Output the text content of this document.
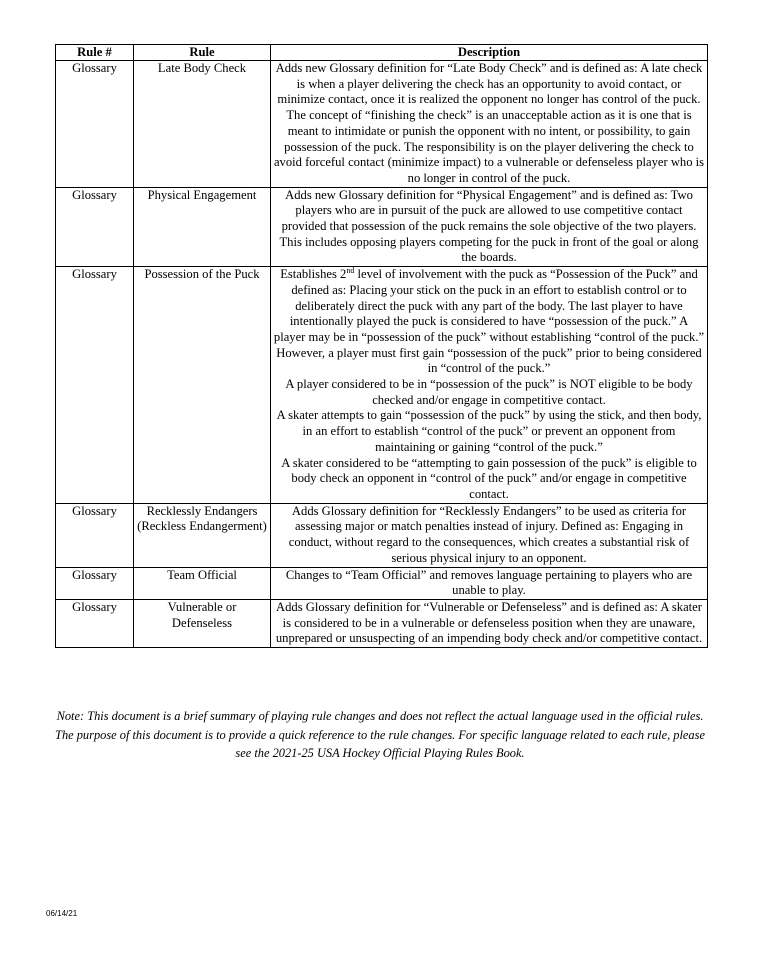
Rule #	Rule	Description
Glossary	Late Body Check	Adds new Glossary definition for “Late Body Check” and is defined as: A late check is when a player delivering the check has an opportunity to avoid contact, or minimize contact, once it is realized the opponent no longer has control of the puck.

The concept of “finishing the check” is an unacceptable action as it is one that is meant to intimidate or punish the opponent with no intent, or possibility, to gain possession of the puck. The responsibility is on the player delivering the check to avoid forceful contact (minimize impact) to a vulnerable or defenseless player who is no longer in control of the puck.

Glossary	Physical Engagement	Adds new Glossary definition for “Physical Engagement” and is defined as: Two players who are in pursuit of the puck are allowed to use competitive contact provided that possession of the puck remains the sole objective of the two players. This includes opposing players competing for the puck in front of the goal or along the boards.

Glossary	Possession of the Puck	Establishes 2nd level of involvement with the puck as “Possession of the Puck” and defined as: Placing your stick on the puck in an effort to establish control or to deliberately direct the puck with any part of the body. The last player to have intentionally played the puck is considered to have “possession of the puck.” A player may be in “possession of the puck” without establishing “control of the puck.” However, a player must first gain “possession of the puck” prior to being considered in “control of the puck.”

A player considered to be in “possession of the puck” is NOT eligible to be body checked and/or engage in competitive contact.

A skater attempts to gain “possession of the puck” by using the stick, and then body, in an effort to establish “control of the puck” or prevent an opponent from maintaining or gaining “control of the puck.”

A skater considered to be “attempting to gain possession of the puck” is eligible to body check an opponent in “control of the puck” and/or engage in competitive contact.

Glossary	Recklessly Endangers (Reckless Endangerment)	Adds Glossary definition for “Recklessly Endangers” to be used as criteria for assessing major or match penalties instead of injury. Defined as: Engaging in conduct, without regard to the consequences, which creates a substantial risk of serious physical injury to an opponent.

Glossary	Team Official	Changes to “Team Official” and removes language pertaining to players who are unable to play.

Glossary	Vulnerable or Defenseless	Adds Glossary definition for “Vulnerable or Defenseless” and is defined as: A skater is considered to be in a vulnerable or defenseless position when they are unaware, unprepared or unsuspecting of an impending body check and/or competitive contact.

Note: This document is a brief summary of playing rule changes and does not reflect the actual language used in the official rules. The purpose of this document is to provide a quick reference to the rule changes. For specific language related to each rule, please see the 2021-25 USA Hockey Official Playing Rules Book.
06/14/21
